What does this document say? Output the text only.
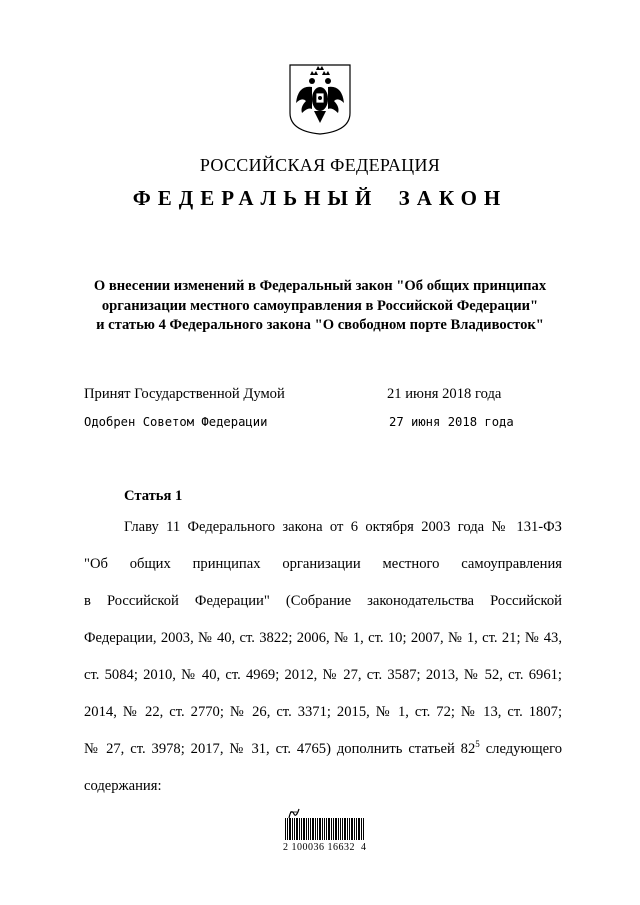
РОССИЙСКАЯ ФЕДЕРАЦИЯ
ФЕДЕРАЛЬНЫЙ ЗАКОН
О внесении изменений в Федеральный закон "Об общих принципах
организации местного самоуправления в Российской Федерации"
и статью 4 Федерального закона "О свободном порте Владивосток"
Принят Государственной Думой	21 июня 2018 года
Одобрен Советом Федерации	27 июня 2018 года
Статья 1
Главу 11 Федерального закона от 6 октября 2003 года № 131-ФЗ
"Об общих принципах организации местного самоуправления
в Российской Федерации" (Собрание законодательства Российской
Федерации, 2003, № 40, ст. 3822; 2006, № 1, ст. 10; 2007, № 1, ст. 21; № 43,
ст. 5084; 2010, № 40, ст. 4969; 2012, № 27, ст. 3587; 2013, № 52, ст. 6961;
2014, № 22, ст. 2770; № 26, ст. 3371; 2015, № 1, ст. 72; № 13, ст. 1807;
№ 27, ст. 3978; 2017, № 31, ст. 4765) дополнить статьей $82^5$ следующего
содержания:
2 100036 16632  4
